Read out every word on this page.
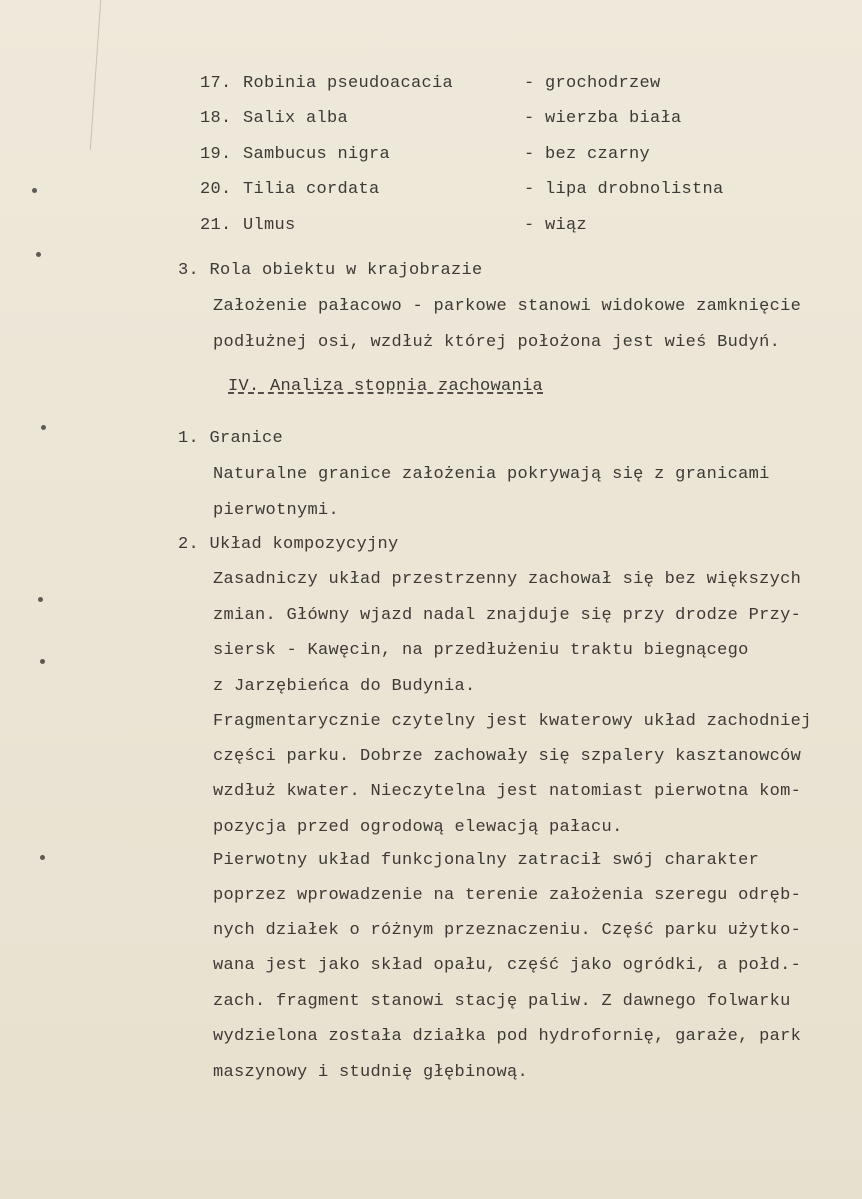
17. Robinia pseudoacacia	- grochodrzew
18. Salix alba	- wierzba biała
19. Sambucus nigra	- bez czarny
20. Tilia cordata	- lipa drobnolistna
21. Ulmus	- wiąz
3. Rola obiektu w krajobrazie
Założenie pałacowo - parkowe stanowi widokowe zamknięcie
podłużnej osi, wzdłuż której położona jest wieś Budyń.
IV. Analiza stopnia zachowania
1. Granice
Naturalne granice założenia pokrywają się z granicami
pierwotnymi.
2. Układ kompozycyjny
Zasadniczy układ przestrzenny zachował się bez większych
zmian. Główny wjazd nadal znajduje się przy drodze Przy-
siersk - Kawęcin, na przedłużeniu traktu biegnącego
z Jarzębieńca do Budynia.
Fragmentarycznie czytelny jest kwaterowy układ zachodniej
części parku. Dobrze zachowały się szpalery kasztanowców
wzdłuż kwater. Nieczytelna jest natomiast pierwotna kom-
pozycja przed ogrodową elewacją pałacu.
Pierwotny układ funkcjonalny zatracił swój charakter
poprzez wprowadzenie na terenie założenia szeregu odręb-
nych działek o różnym przeznaczeniu. Część parku użytko-
wana jest jako skład opału, część jako ogródki, a połd.-
zach. fragment stanowi stację paliw. Z dawnego folwarku
wydzielona została działka pod hydrofornię, garaże, park
maszynowy i studnię głębinową.
